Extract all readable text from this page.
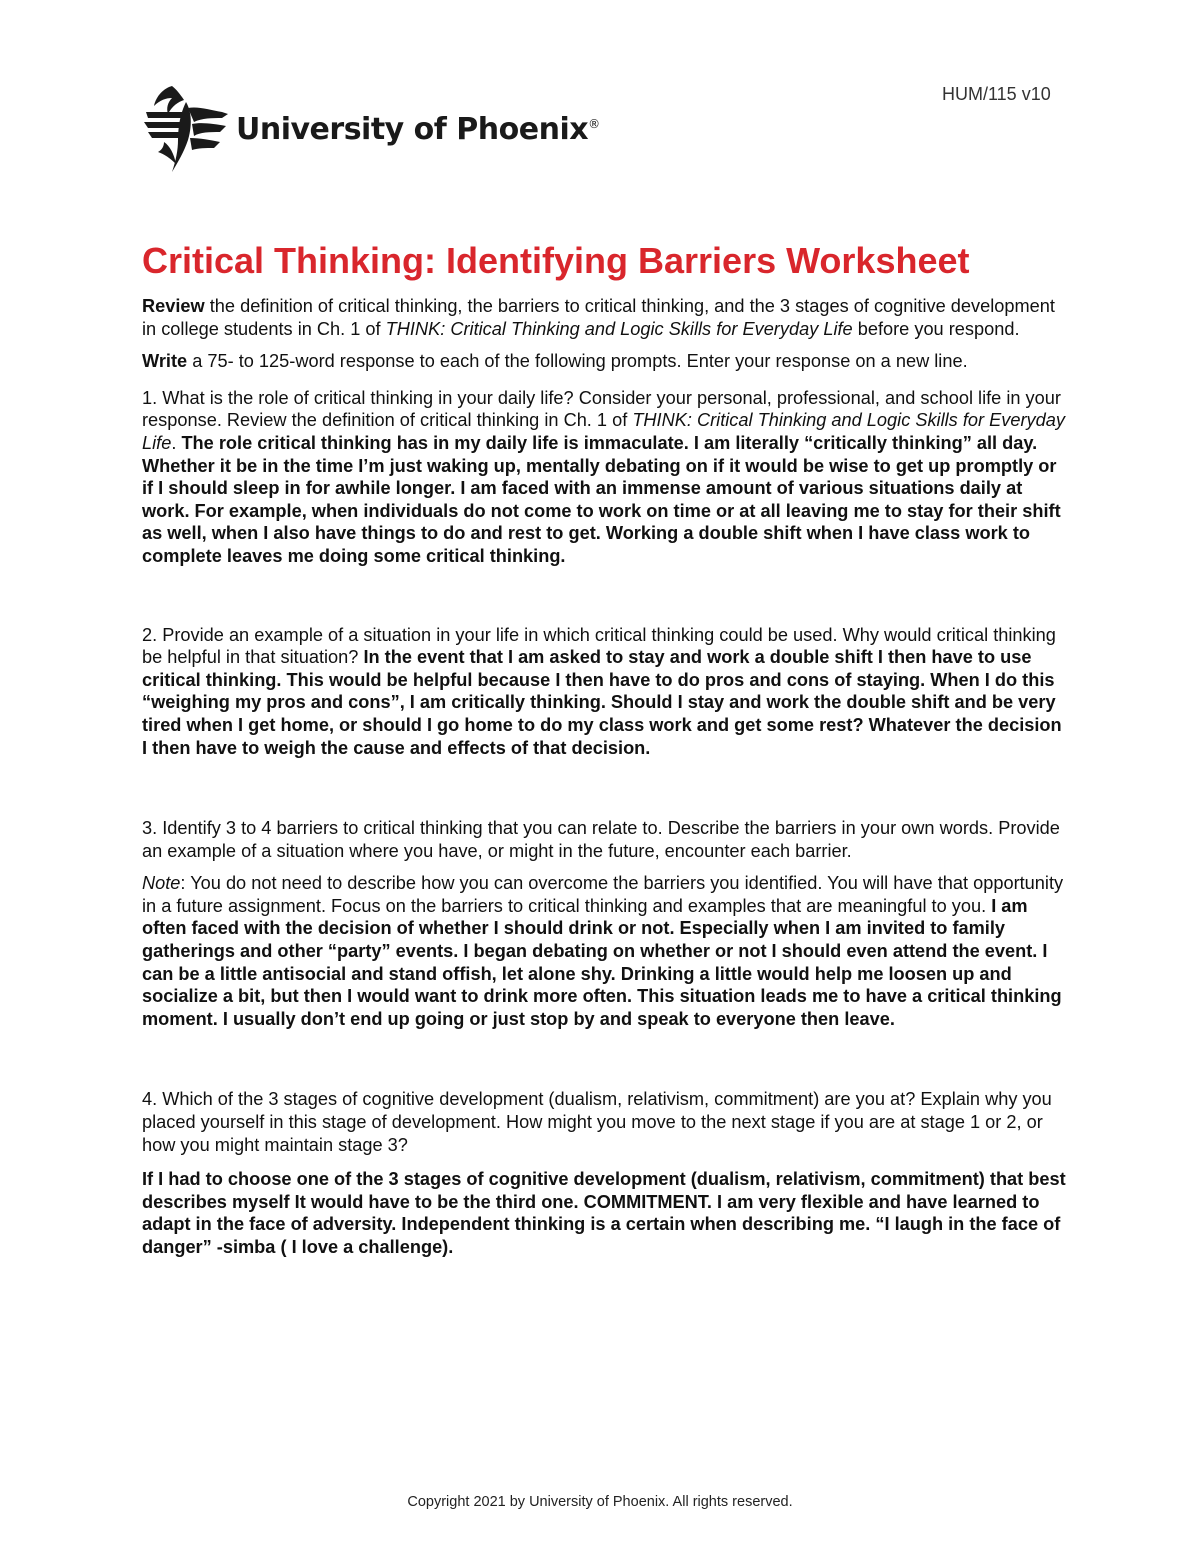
HUM/115 v10
University of Phoenix®
Critical Thinking: Identifying Barriers Worksheet

Review the definition of critical thinking, the barriers to critical thinking, and the 3 stages of cognitive development in college students in Ch. 1 of THINK: Critical Thinking and Logic Skills for Everyday Life before you respond.

Write a 75- to 125-word response to each of the following prompts. Enter your response on a new line.

1. What is the role of critical thinking in your daily life? Consider your personal, professional, and school life in your response. Review the definition of critical thinking in Ch. 1 of THINK: Critical Thinking and Logic Skills for Everyday Life. The role critical thinking has in my daily life is immaculate. I am literally “critically thinking” all day. Whether it be in the time I’m just waking up, mentally debating on if it would be wise to get up promptly or if I should sleep in for awhile longer. I am faced with an immense amount of various situations daily at work. For example, when individuals do not come to work on time or at all leaving me to stay for their shift as well, when I also have things to do and rest to get. Working a double shift when I have class work to complete leaves me doing some critical thinking.

2. Provide an example of a situation in your life in which critical thinking could be used. Why would critical thinking be helpful in that situation? In the event that I am asked to stay and work a double shift I then have to use critical thinking. This would be helpful because I then have to do pros and cons of staying. When I do this “weighing my pros and cons”, I am critically thinking. Should I stay and work the double shift and be very tired when I get home, or should I go home to do my class work and get some rest? Whatever the decision I then have to weigh the cause and effects of that decision.

3. Identify 3 to 4 barriers to critical thinking that you can relate to. Describe the barriers in your own words. Provide an example of a situation where you have, or might in the future, encounter each barrier.

Note: You do not need to describe how you can overcome the barriers you identified. You will have that opportunity in a future assignment. Focus on the barriers to critical thinking and examples that are meaningful to you. I am often faced with the decision of whether I should drink or not. Especially when I am invited to family gatherings and other “party” events. I began debating on whether or not I should even attend the event. I can be a little antisocial and stand offish, let alone shy. Drinking a little would help me loosen up and socialize a bit, but then I would want to drink more often. This situation leads me to have a critical thinking moment. I usually don’t end up going or just stop by and speak to everyone then leave.

4. Which of the 3 stages of cognitive development (dualism, relativism, commitment) are you at? Explain why you placed yourself in this stage of development. How might you move to the next stage if you are at stage 1 or 2, or how you might maintain stage 3?

If I had to choose one of the 3 stages of cognitive development (dualism, relativism, commitment) that best describes myself It would have to be the third one. COMMITMENT. I am very flexible and have learned to adapt in the face of adversity. Independent thinking is a certain when describing me. “I laugh in the face of danger” -simba ( I love a challenge).

Copyright 2021 by University of Phoenix. All rights reserved.
